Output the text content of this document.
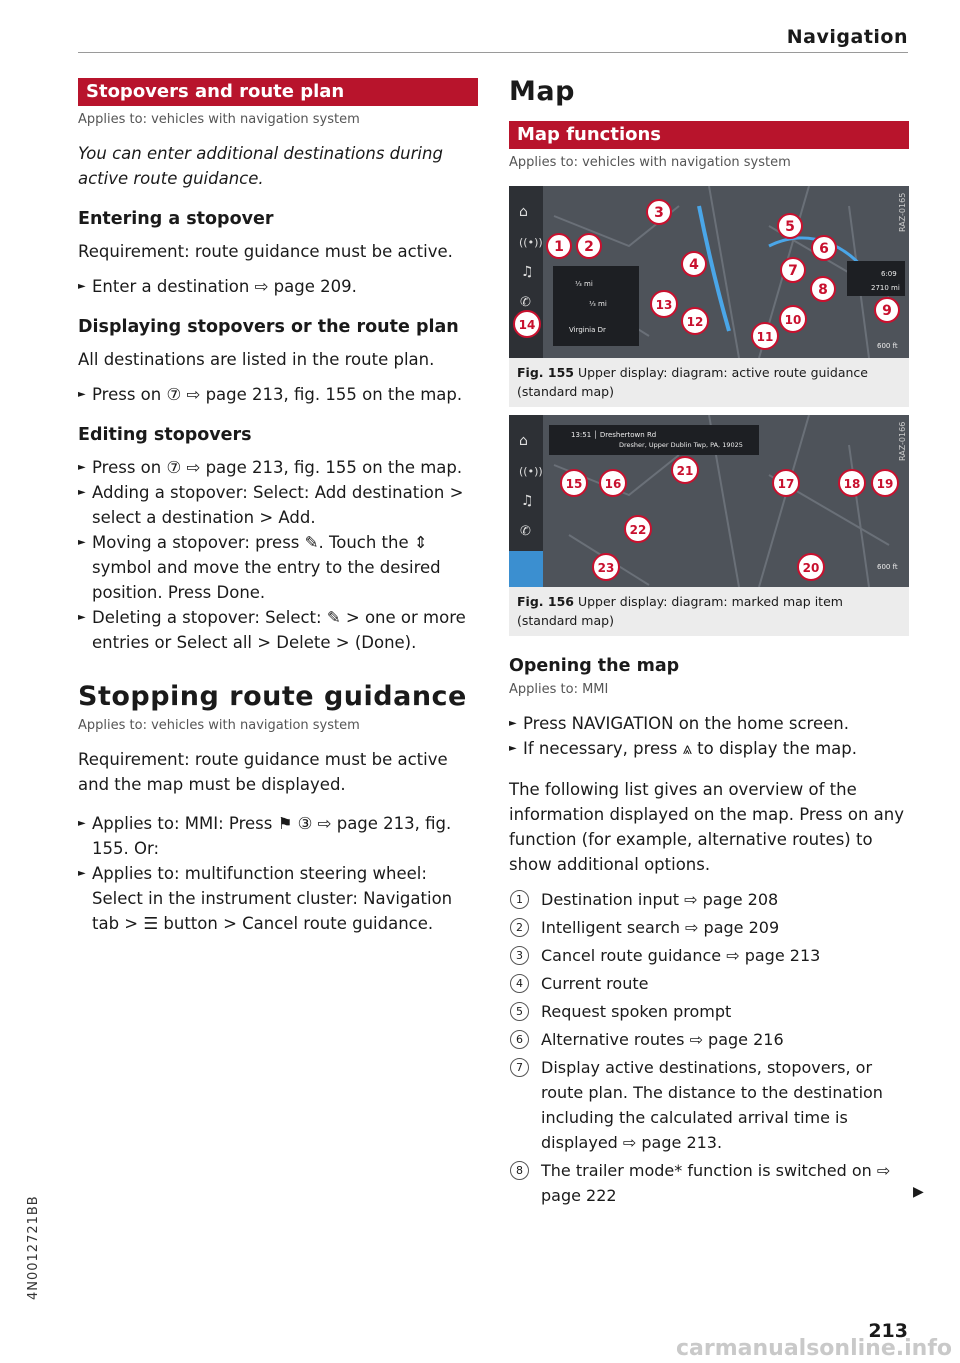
Navigation
Stopovers and route plan
Applies to: vehicles with navigation system
You can enter additional destinations during active route guidance.
Entering a stopover
Requirement: route guidance must be active.
► Enter a destination ⇨ page 209.
Displaying stopovers or the route plan
All destinations are listed in the route plan.
► Press on ⑦ ⇨ page 213, fig. 155 on the map.
Editing stopovers
► Press on ⑦ ⇨ page 213, fig. 155 on the map.
► Adding a stopover: Select: Add destination > select a destination > Add.
► Moving a stopover: press ✎. Touch the ⇕ symbol and move the entry to the desired position. Press Done.
► Deleting a stopover: Select: ✎ > one or more entries or Select all > Delete > (Done).
Stopping route guidance
Applies to: vehicles with navigation system
Requirement: route guidance must be active and the map must be displayed.
► Applies to: MMI: Press ⚑ ③ ⇨ page 213, fig. 155. Or:
► Applies to: multifunction steering wheel: Select in the instrument cluster: Navigation tab > ☰ button > Cancel route guidance.
Map
Map functions
Applies to: vehicles with navigation system
⌂
((•))
♫
✆
⅓ mi
⅓ mi
Virginia Dr
6:09
2710 mi
600 ft
RAZ-0165
1 2
3
4
5
6
7
8
9
10
11
12
13
14
Fig. 155 Upper display: diagram: active route guidance (standard map)
⌂
((•))
♫
✆
13:51 │ Dreshertown Rd
Dresher, Upper Dublin Twp, PA, 19025
600 ft
RAZ-0166
15 16	17	18 19
20
21
22
23
Fig. 156 Upper display: diagram: marked map item (standard map)
Opening the map
Applies to: MMI
► Press NAVIGATION on the home screen.
► If necessary, press ⩓ to display the map.
The following list gives an overview of the information displayed on the map. Press on any function (for example, alternative routes) to show additional options.
1	Destination input ⇨ page 208
2	Intelligent search ⇨ page 209
3	Cancel route guidance ⇨ page 213
4	Current route
5	Request spoken prompt
6	Alternative routes ⇨ page 216
7	Display active destinations, stopovers, or route plan. The distance to the destination including the calculated arrival time is displayed ⇨ page 213.
8	The trailer mode* function is switched on ⇨ page 222	▶
213
4N0012721BB
carmanualsonline.info
